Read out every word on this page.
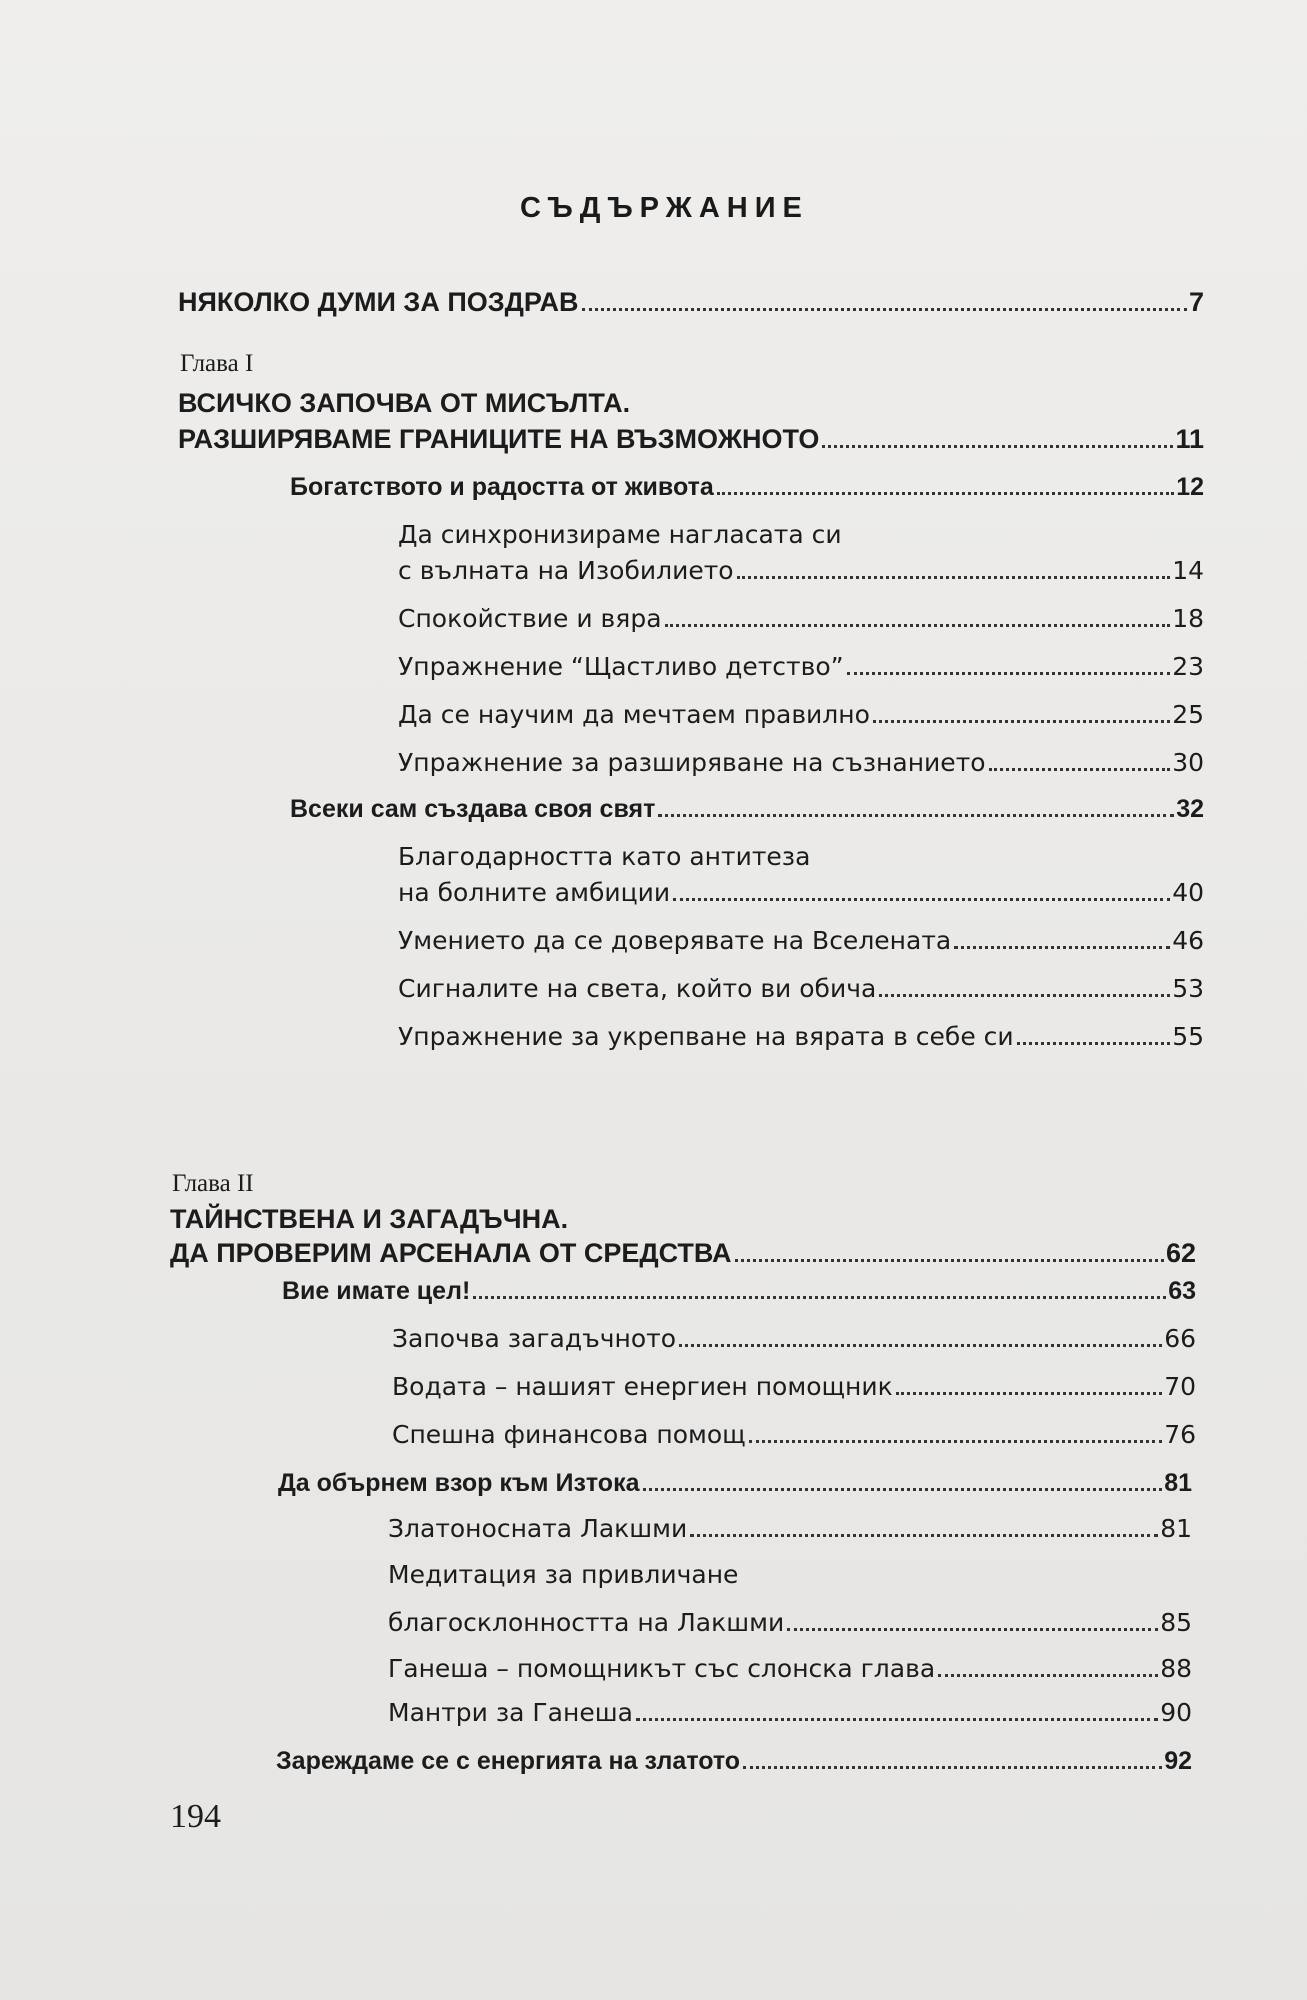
СЪДЪРЖАНИЕ
НЯКОЛКО ДУМИ ЗА ПОЗДРАВ	7
Глава I
ВСИЧКО ЗАПОЧВА ОТ МИСЪЛТА.
РАЗШИРЯВАМЕ ГРАНИЦИТЕ НА ВЪЗМОЖНОТО	11
Богатството и радостта от живота	12
Да синхронизираме нагласата си
с вълната на Изобилието	14
Спокойствие и вяра	18
Упражнение “Щастливо детство”	23
Да се научим да мечтаем правилно	25
Упражнение за разширяване на съзнанието	30
Всеки сам създава своя свят	32
Благодарността като антитеза
на болните амбиции	40
Умението да се доверявате на Вселената	46
Сигналите на света, който ви обича	53
Упражнение за укрепване на вярата в себе си	55
Глава II
ТАЙНСТВЕНА И ЗАГАДЪЧНА.
ДА ПРОВЕРИМ АРСЕНАЛА ОТ СРЕДСТВА	62
Вие имате цел!	63
Започва загадъчното	66
Водата – нашият енергиен помощник	70
Спешна финансова помощ	76
Да обърнем взор към Изтока	81
Златоносната Лакшми	81
Медитация за привличане
благосклонността на Лакшми	85
Ганеша – помощникът със слонска глава	88
Мантри за Ганеша	90
Зареждаме се с енергията на златото	92
194
